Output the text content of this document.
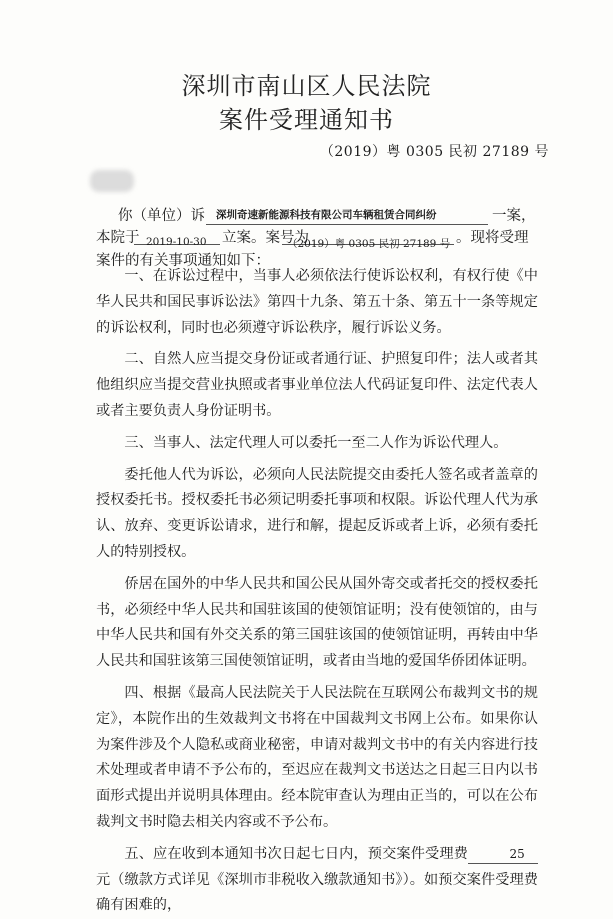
深圳市南山区人民法院
案件受理通知书
（2019）粤 0305 民初 27189 号
你（单位）诉 深圳奇速新能源科技有限公司车辆租赁合同纠纷	一案，
本院于 2019-10-30 立案。案号为
（2019）粤 0305 民初 27189 号 。现将受理
案件的有关事项通知如下：

一、在诉讼过程中，当事人必须依法行使诉讼权利，有权行使《中华人民共和国民事诉讼法》第四十九条、第五十条、第五十一条等规定的诉讼权利，同时也必须遵守诉讼秩序，履行诉讼义务。

二、自然人应当提交身份证或者通行证、护照复印件；法人或者其他组织应当提交营业执照或者事业单位法人代码证复印件、法定代表人或者主要负责人身份证明书。

三、当事人、法定代理人可以委托一至二人作为诉讼代理人。

委托他人代为诉讼，必须向人民法院提交由委托人签名或者盖章的授权委托书。授权委托书必须记明委托事项和权限。诉讼代理人代为承认、放弃、变更诉讼请求，进行和解，提起反诉或者上诉，必须有委托人的特别授权。

侨居在国外的中华人民共和国公民从国外寄交或者托交的授权委托书，必须经中华人民共和国驻该国的使领馆证明；没有使领馆的，由与中华人民共和国有外交关系的第三国驻该国的使领馆证明，再转由中华人民共和国驻该第三国使领馆证明，或者由当地的爱国华侨团体证明。

四、根据《最高人民法院关于人民法院在互联网公布裁判文书的规定》，本院作出的生效裁判文书将在中国裁判文书网上公布。如果你认为案件涉及个人隐私或商业秘密，申请对裁判文书中的有关内容进行技术处理或者申请不予公布的，至迟应在裁判文书送达之日起三日内以书面形式提出并说明具体理由。经本院审查认为理由正当的，可以在公布裁判文书时隐去相关内容或不予公布。

五、应在收到本通知书次日起七日内，预交案件受理费	25元（缴款方式详见《深圳市非税收入缴款通知书》）。如预交案件受理费确有困难的，
